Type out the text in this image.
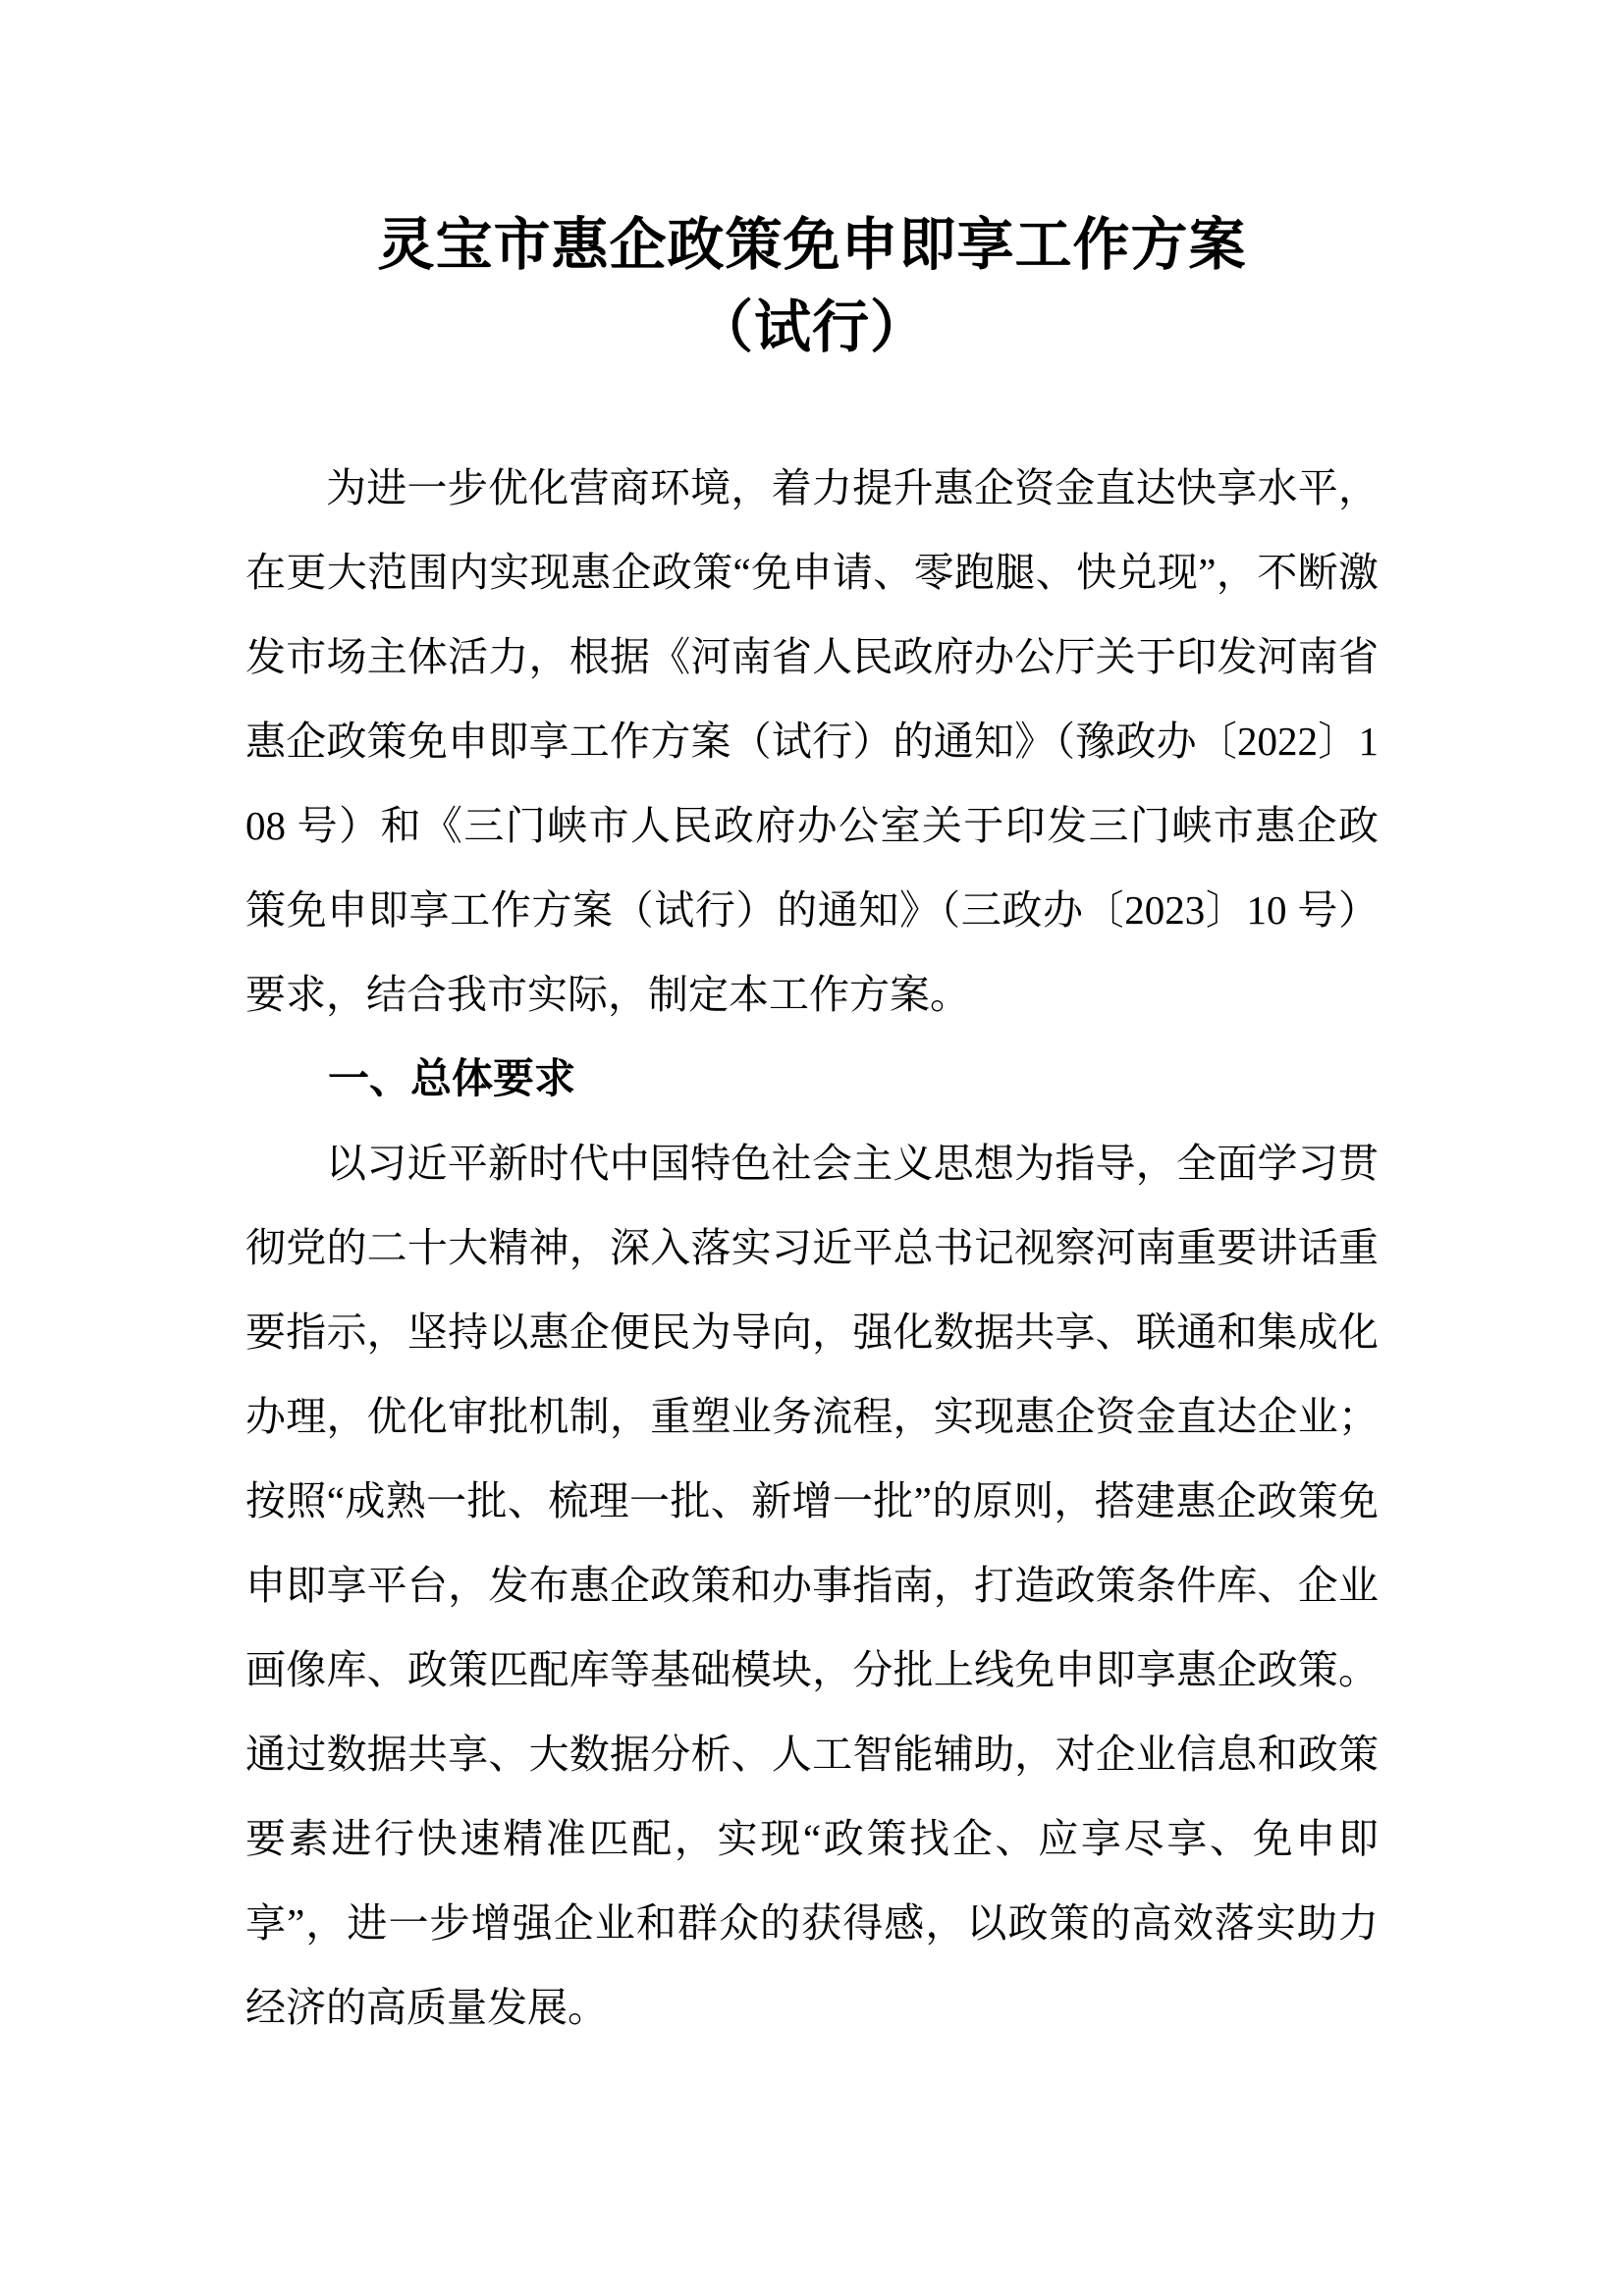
灵宝市惠企政策免申即享工作方案
（试行）

为进一步优化营商环境，着力提升惠企资金直达快享水平，在更大范围内实现惠企政策“免申请、零跑腿、快兑现”，不断激发市场主体活力，根据《河南省人民政府办公厅关于印发河南省惠企政策免申即享工作方案（试行）的通知》（豫政办〔2022〕108 号）和《三门峡市人民政府办公室关于印发三门峡市惠企政策免申即享工作方案（试行）的通知》（三政办〔2023〕10 号）要求，结合我市实际，制定本工作方案。

一、总体要求

以习近平新时代中国特色社会主义思想为指导，全面学习贯彻党的二十大精神，深入落实习近平总书记视察河南重要讲话重要指示，坚持以惠企便民为导向，强化数据共享、联通和集成化办理，优化审批机制，重塑业务流程，实现惠企资金直达企业；按照“成熟一批、梳理一批、新增一批”的原则，搭建惠企政策免申即享平台，发布惠企政策和办事指南，打造政策条件库、企业画像库、政策匹配库等基础模块，分批上线免申即享惠企政策。通过数据共享、大数据分析、人工智能辅助，对企业信息和政策要素进行快速精准匹配，实现“政策找企、应享尽享、免申即享”，进一步增强企业和群众的获得感，以政策的高效落实助力经济的高质量发展。
